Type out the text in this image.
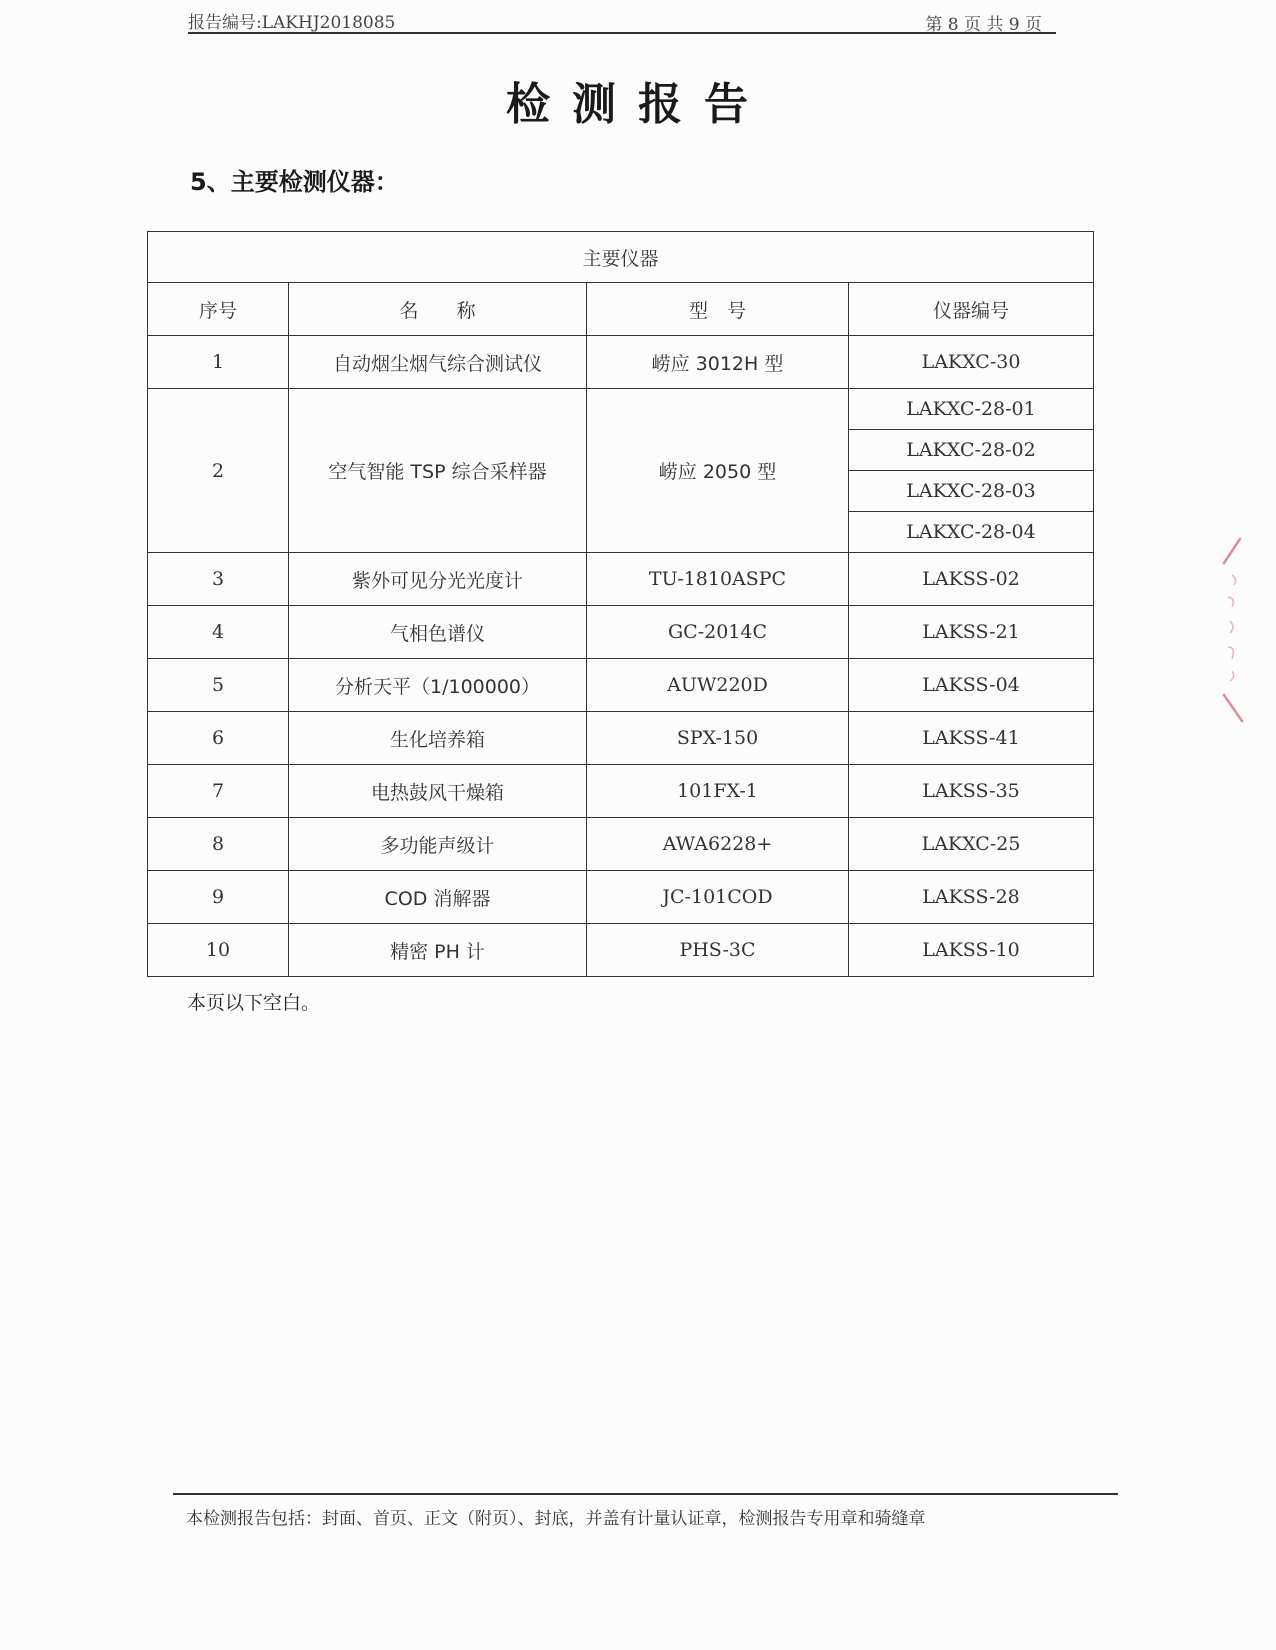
报告编号:LAKHJ2018085	第 8 页 共 9 页
检测报告
5、主要检测仪器：
主要仪器			
序号	名　　称	型　号	仪器编号
1	自动烟尘烟气综合测试仪	崂应 3012H 型	LAKXC-30
2	空气智能 TSP 综合采样器	崂应 2050 型	LAKXC-28-01
			LAKXC-28-02
			LAKXC-28-03
			LAKXC-28-04
3	紫外可见分光光度计	TU-1810ASPC	LAKSS-02
4	气相色谱仪	GC-2014C	LAKSS-21
5	分析天平（1/100000）	AUW220D	LAKSS-04
6	生化培养箱	SPX-150	LAKSS-41
7	电热鼓风干燥箱	101FX-1	LAKSS-35
8	多功能声级计	AWA6228+	LAKXC-25
9	COD 消解器	JC-101COD	LAKSS-28
10	精密 PH 计	PHS-3C	LAKSS-10
本页以下空白。
本检测报告包括：封面、首页、正文（附页）、封底，并盖有计量认证章，检测报告专用章和骑缝章
